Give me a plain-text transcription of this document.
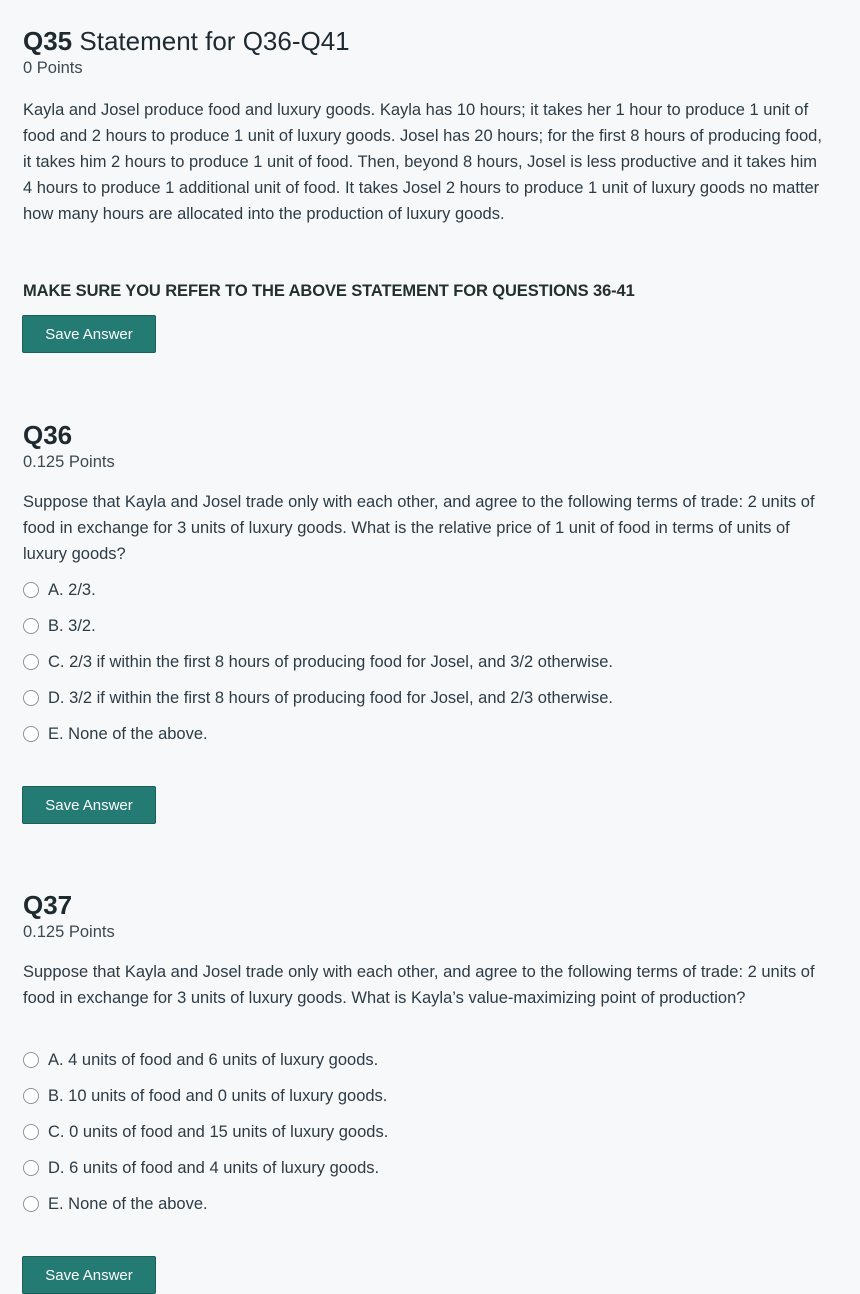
Q35 Statement for Q36-Q41
0 Points

Kayla and Josel produce food and luxury goods. Kayla has 10 hours; it takes her 1 hour to produce 1 unit of food and 2 hours to produce 1 unit of luxury goods. Josel has 20 hours; for the first 8 hours of producing food, it takes him 2 hours to produce 1 unit of food. Then, beyond 8 hours, Josel is less productive and it takes him 4 hours to produce 1 additional unit of food. It takes Josel 2 hours to produce 1 unit of luxury goods no matter how many hours are allocated into the production of luxury goods.

MAKE SURE YOU REFER TO THE ABOVE STATEMENT FOR QUESTIONS 36-41
Save Answer
Q36
0.125 Points

Suppose that Kayla and Josel trade only with each other, and agree to the following terms of trade: 2 units of food in exchange for 3 units of luxury goods. What is the relative price of 1 unit of food in terms of units of luxury goods?

A. 2/3.
B. 3/2.
C. 2/3 if within the first 8 hours of producing food for Josel, and 3/2 otherwise.
D. 3/2 if within the first 8 hours of producing food for Josel, and 2/3 otherwise.
E. None of the above.
Save Answer
Q37
0.125 Points

Suppose that Kayla and Josel trade only with each other, and agree to the following terms of trade: 2 units of food in exchange for 3 units of luxury goods. What is Kayla’s value-maximizing point of production?

A. 4 units of food and 6 units of luxury goods.
B. 10 units of food and 0 units of luxury goods.
C. 0 units of food and 15 units of luxury goods.
D. 6 units of food and 4 units of luxury goods.
E. None of the above.
Save Answer
